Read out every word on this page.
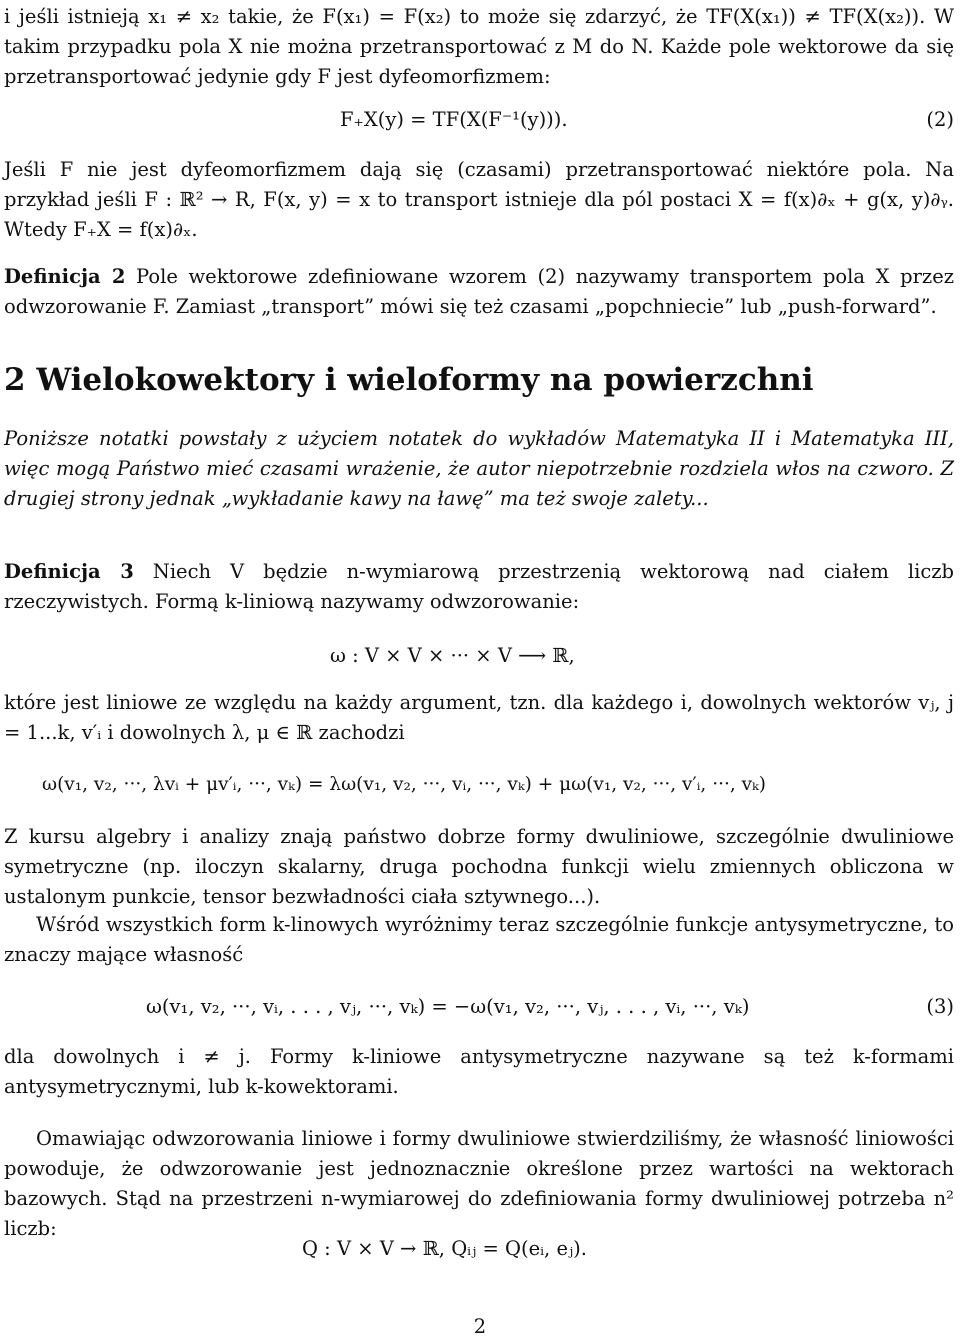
i jeśli istnieją x₁ ≠ x₂ takie, że F(x₁) = F(x₂) to może się zdarzyć, że TF(X(x₁)) ≠ TF(X(x₂)). W takim przypadku pola X nie można przetransportować z M do N. Każde pole wektorowe da się przetransportować jedynie gdy F jest dyfeomorfizmem:

F₊X(y) = TF(X(F⁻¹(y))).	(2)

Jeśli F nie jest dyfeomorfizmem dają się (czasami) przetransportować niektóre pola. Na przykład jeśli F : ℝ² → R, F(x, y) = x to transport istnieje dla pól postaci X = f(x)∂ₓ + g(x, y)∂ᵧ. Wtedy F₊X = f(x)∂ₓ.

Definicja 2 Pole wektorowe zdefiniowane wzorem (2) nazywamy transportem pola X przez odwzorowanie F. Zamiast „transport” mówi się też czasami „popchniecie” lub „push-forward”.

2 Wielokowektory i wieloformy na powierzchni

Poniższe notatki powstały z użyciem notatek do wykładów Matematyka II i Matematyka III, więc mogą Państwo mieć czasami wrażenie, że autor niepotrzebnie rozdziela włos na czworo. Z drugiej strony jednak „wykładanie kawy na ławę” ma też swoje zalety...

Definicja 3 Niech V będzie n-wymiarową przestrzenią wektorową nad ciałem liczb rzeczywistych. Formą k-liniową nazywamy odwzorowanie:

ω : V × V × ··· × V ⟶ ℝ,

które jest liniowe ze względu na każdy argument, tzn. dla każdego i, dowolnych wektorów vⱼ, j = 1...k, v′ᵢ i dowolnych λ, μ ∈ ℝ zachodzi

ω(v₁, v₂, ···, λvᵢ + μv′ᵢ, ···, vₖ) = λω(v₁, v₂, ···, vᵢ, ···, vₖ) + μω(v₁, v₂, ···, v′ᵢ, ···, vₖ)

Z kursu algebry i analizy znają państwo dobrze formy dwuliniowe, szczególnie dwuliniowe symetryczne (np. iloczyn skalarny, druga pochodna funkcji wielu zmiennych obliczona w ustalonym punkcie, tensor bezwładności ciała sztywnego...).

Wśród wszystkich form k-linowych wyróżnimy teraz szczególnie funkcje antysymetryczne, to znaczy mające własność

ω(v₁, v₂, ···, vᵢ, . . . , vⱼ, ···, vₖ) = −ω(v₁, v₂, ···, vⱼ, . . . , vᵢ, ···, vₖ)	(3)

dla dowolnych i ≠ j. Formy k-liniowe antysymetryczne nazywane są też k-formami antysymetrycznymi, lub k-kowektorami.

Omawiając odwzorowania liniowe i formy dwuliniowe stwierdziliśmy, że własność liniowości powoduje, że odwzorowanie jest jednoznacznie określone przez wartości na wektorach bazowych. Stąd na przestrzeni n-wymiarowej do zdefiniowania formy dwuliniowej potrzeba n² liczb:

Q : V × V → ℝ, Qᵢⱼ = Q(eᵢ, eⱼ).
2
